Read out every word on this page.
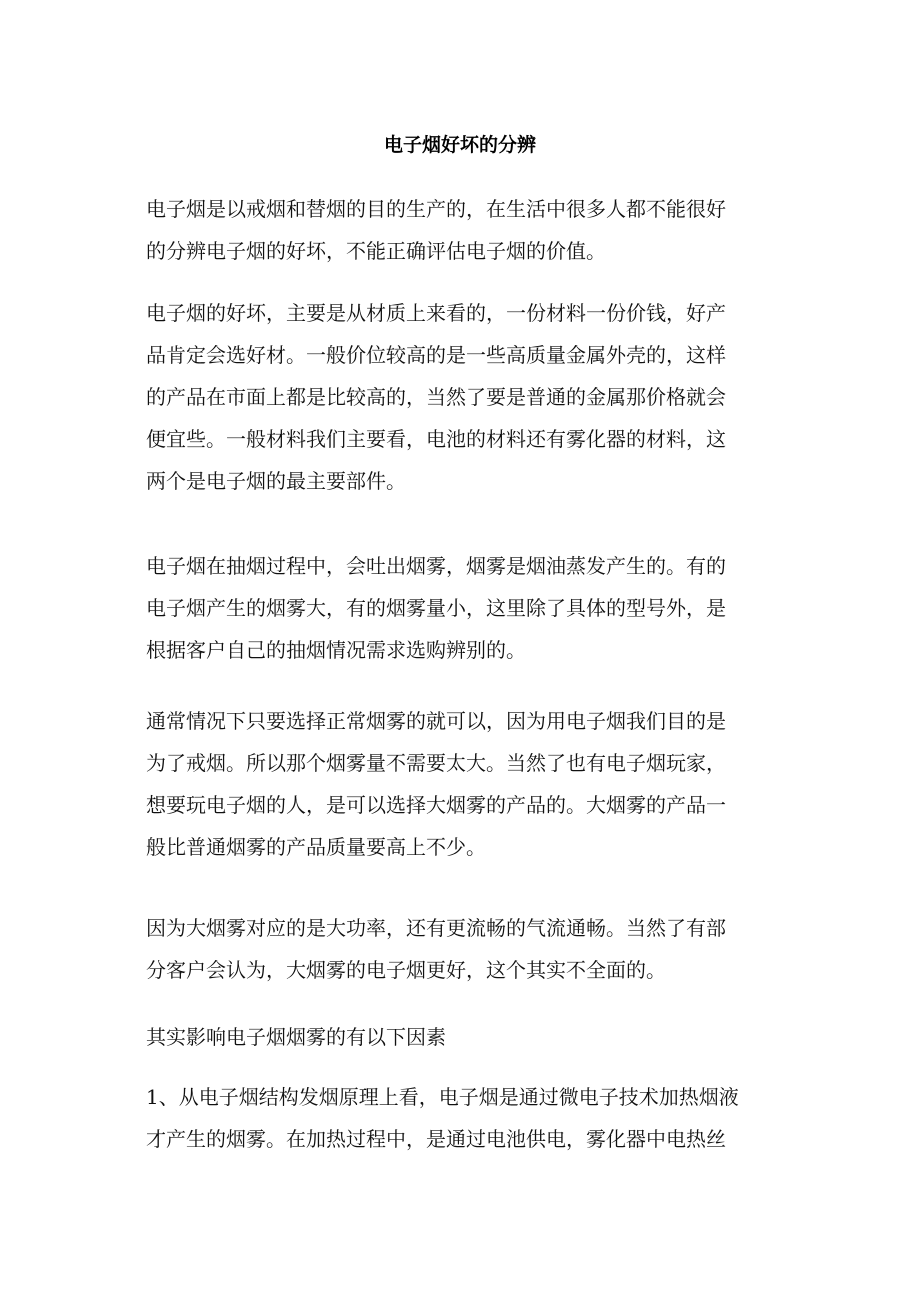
电子烟好坏的分辨

电子烟是以戒烟和替烟的目的生产的，在生活中很多人都不能很好
的分辨电子烟的好坏，不能正确评估电子烟的价值。

电子烟的好坏，主要是从材质上来看的，一份材料一份价钱，好产
品肯定会选好材。一般价位较高的是一些高质量金属外壳的，这样
的产品在市面上都是比较高的，当然了要是普通的金属那价格就会
便宜些。一般材料我们主要看，电池的材料还有雾化器的材料，这
两个是电子烟的最主要部件。

电子烟在抽烟过程中，会吐出烟雾，烟雾是烟油蒸发产生的。有的
电子烟产生的烟雾大，有的烟雾量小，这里除了具体的型号外，是
根据客户自己的抽烟情况需求选购辨别的。

通常情况下只要选择正常烟雾的就可以，因为用电子烟我们目的是
为了戒烟。所以那个烟雾量不需要太大。当然了也有电子烟玩家，
想要玩电子烟的人，是可以选择大烟雾的产品的。大烟雾的产品一
般比普通烟雾的产品质量要高上不少。

因为大烟雾对应的是大功率，还有更流畅的气流通畅。当然了有部
分客户会认为，大烟雾的电子烟更好，这个其实不全面的。

其实影响电子烟烟雾的有以下因素

1、从电子烟结构发烟原理上看，电子烟是通过微电子技术加热烟液
才产生的烟雾。在加热过程中，是通过电池供电，雾化器中电热丝
